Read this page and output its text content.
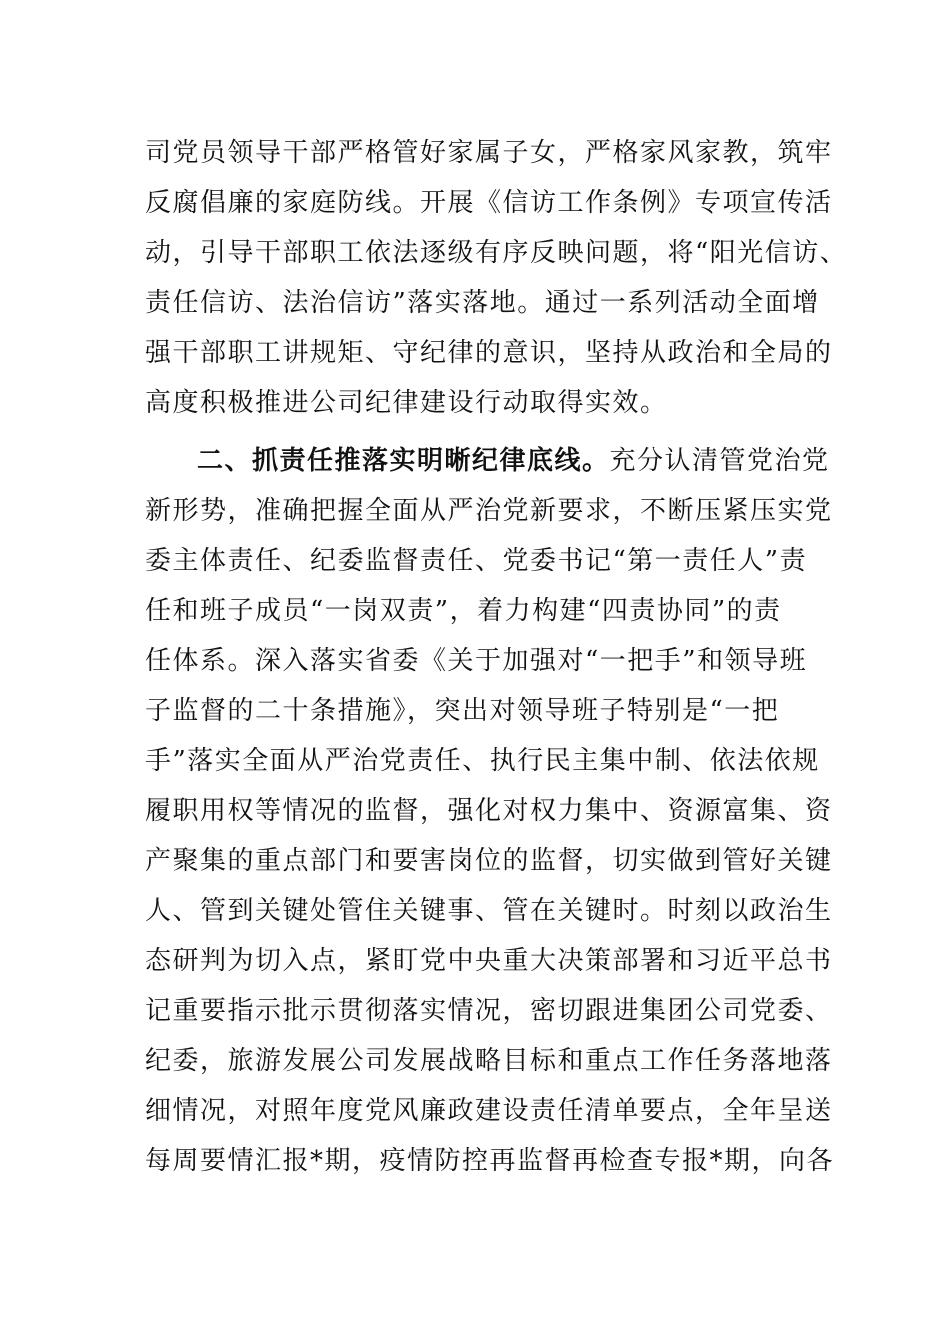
司党员领导干部严格管好家属子女，严格家风家教，筑牢
反腐倡廉的家庭防线。开展《信访工作条例》专项宣传活
动，引导干部职工依法逐级有序反映问题，将“阳光信访、
责任信访、法治信访”落实落地。通过一系列活动全面增
强干部职工讲规矩、守纪律的意识，坚持从政治和全局的
高度积极推进公司纪律建设行动取得实效。
二、抓责任推落实明晰纪律底线。充分认清管党治党
新形势，准确把握全面从严治党新要求，不断压紧压实党
委主体责任、纪委监督责任、党委书记“第一责任人”责
任和班子成员“一岗双责”，着力构建“四责协同”的责
任体系。深入落实省委《关于加强对“一把手”和领导班
子监督的二十条措施》，突出对领导班子特别是“一把
手”落实全面从严治党责任、执行民主集中制、依法依规
履职用权等情况的监督，强化对权力集中、资源富集、资
产聚集的重点部门和要害岗位的监督，切实做到管好关键
人、管到关键处管住关键事、管在关键时。时刻以政治生
态研判为切入点，紧盯党中央重大决策部署和习近平总书
记重要指示批示贯彻落实情况，密切跟进集团公司党委、
纪委，旅游发展公司发展战略目标和重点工作任务落地落
细情况，对照年度党风廉政建设责任清单要点，全年呈送
每周要情汇报*期，疫情防控再监督再检查专报*期，向各
